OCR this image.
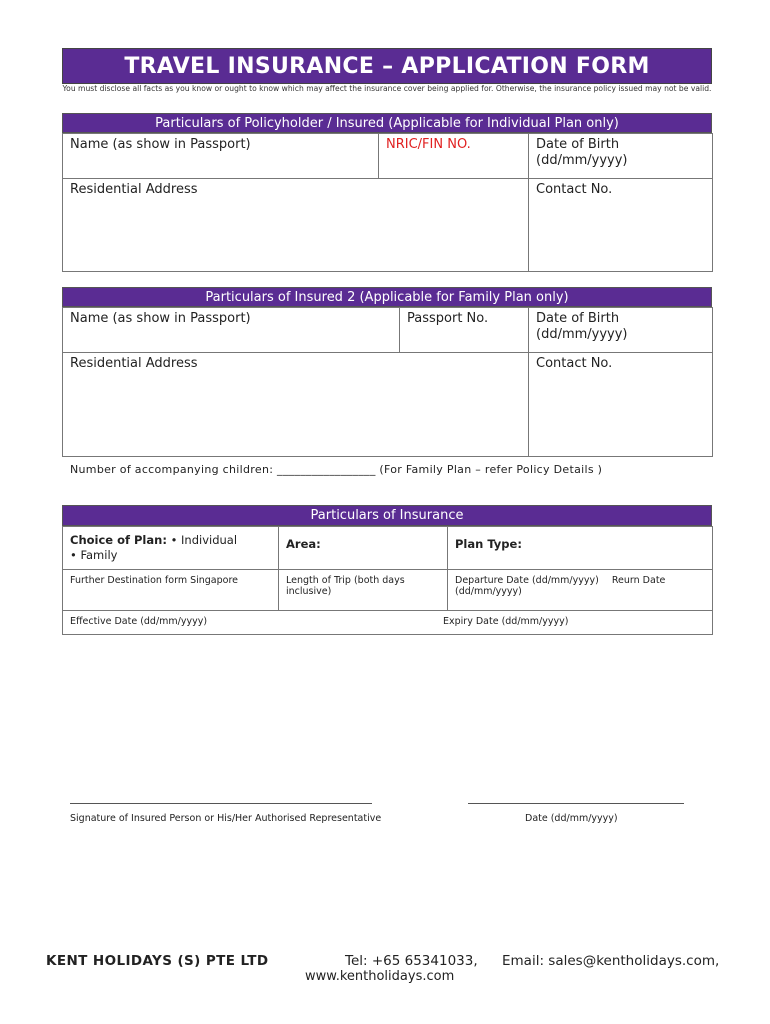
TRAVEL INSURANCE – APPLICATION FORM
You must disclose all facts as you know or ought to know which may affect the insurance cover being applied for. Otherwise, the insurance policy issued may not be valid.
Particulars of Policyholder / Insured (Applicable for Individual Plan only)
Name (as show in Passport)	NRIC/FIN NO.	Date of Birth (dd/mm/yyyy)
Residential Address		Contact No.
Particulars of Insured 2 (Applicable for Family Plan only)
Name (as show in Passport)	Passport No.	Date of Birth (dd/mm/yyyy)
Residential Address		Contact No.
Number of accompanying children: _________________ (For Family Plan – refer Policy Details )
Particulars of Insurance
Choice of Plan: • Individual
• Family	Area:	Plan Type:
Further Destination form Singapore	Length of Trip (both days inclusive)	Departure Date (dd/mm/yyyy) Reurn Date (dd/mm/yyyy)
Effective Date (dd/mm/yyyy) Expiry Date (dd/mm/yyyy)		
Signature of Insured Person or His/Her Authorised Representative	Date (dd/mm/yyyy)
KENT HOLIDAYS (S) PTE LTD	Tel: +65 65341033, Email: sales@kentholidays.com,
www.kentholidays.com
